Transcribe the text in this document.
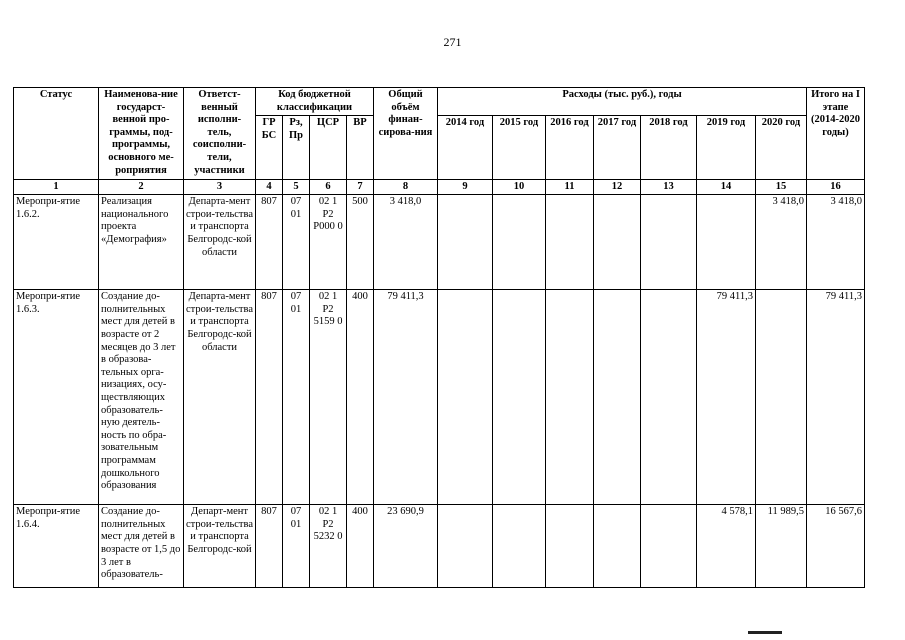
271
Статус	Наименова-ние государст-венной про-граммы, под-программы, основного ме-роприятия	Ответст-венный исполни-тель, соисполни-тели, участники	Код бюджетной классификации				Общий объём финан-сирова-ния	Расходы (тыс. руб.), годы							Итого на I этапе (2014-2020 годы)
			ГР БС	Рз, Пр	ЦСР	ВР		2014 год	2015 год	2016 год	2017 год	2018 год	2019 год	2020 год	
1	2	3	4	5	6	7	8	9	10	11	12	13	14	15	16
Меропри-ятие 1.6.2.	Реализация национального проекта «Демография»	Департа-мент строи-тельства и транспорта Белгородс-кой области	807	07 01	02 1 P2 P000 0	500	3 418,0							3 418,0	3 418,0
Меропри-ятие 1.6.3.	Создание до-полнительных мест для детей в возрасте от 2 месяцев до 3 лет в образова-тельных орга-низациях, осу-ществляющих образователь-ную деятель-ность по обра-зовательным программам дошкольного образования	Департа-мент строи-тельства и транспорта Белгородс-кой области	807	07 01	02 1 P2 5159 0	400	79 411,3						79 411,3		79 411,3
Меропри-ятие 1.6.4.	Создание до-полнительных мест для детей в возрасте от 1,5 до 3 лет в образователь-	Департ-мент строи-тельства и транспорта Белгородс-кой	807	07 01	02 1 P2 5232 0	400	23 690,9						4 578,1	11 989,5	16 567,6
